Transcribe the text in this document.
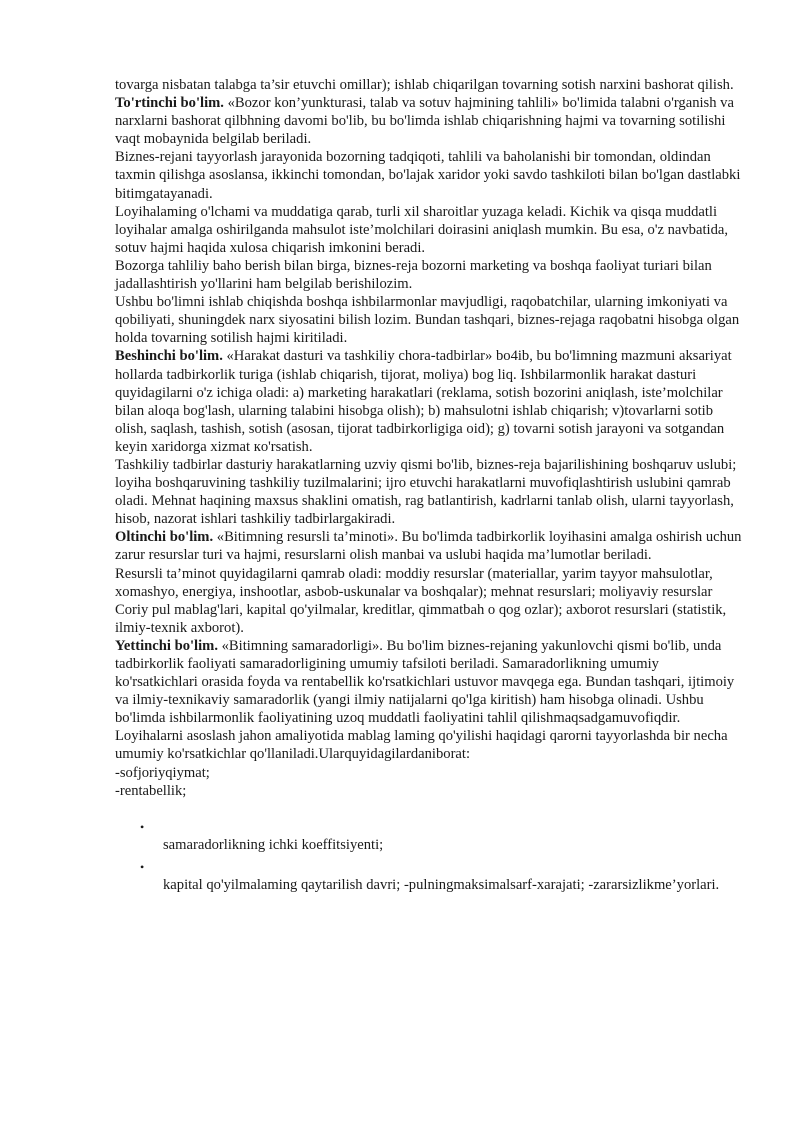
tovarga nisbatan talabga ta’sir etuvchi omillar); ishlab chiqarilgan tovarning sotish narxini bashorat qilish.

To'rtinchi bo'lim. «Bozor kon’yunkturasi, talab va sotuv hajmining tahlili» bo'limida talabni o'rganish va narxlarni bashorat qilbhning davomi bo'lib, bu bo'limda ishlab chiqarishning hajmi va tovarning sotilishi vaqt mobaynida belgilab beriladi.

Biznes-rejani tayyorlash jarayonida bozorning tadqiqoti, tahlili va baholanishi bir tomondan, oldindan taxmin qilishga asoslansa, ikkinchi tomondan, bo'lajak xaridor yoki savdo tashkiloti bilan bo'lgan dastlabki bitimgatayanadi.

Loyihalaming o'lchami va muddatiga qarab, turli xil sharoitlar yuzaga keladi. Kichik va qisqa muddatli loyihalar amalga oshirilganda mahsulot iste’molchilari doirasini aniqlash mumkin. Bu esa, o'z navbatida, sotuv hajmi haqida xulosa chiqarish imkonini beradi.

Bozorga tahliliy baho berish bilan birga, biznes-reja bozorni marketing va boshqa faoliyat turiari bilan jadallashtirish yo'llarini ham belgilab berishilozim.

Ushbu bo'limni ishlab chiqishda boshqa ishbilarmonlar mavjudligi, raqobatchilar, ularning imkoniyati va qobiliyati, shuningdek narx siyosatini bilish lozim. Bundan tashqari, biznes-rejaga raqobatni hisobga olgan holda tovarning sotilish hajmi kiritiladi.

Beshinchi bo'lim. «Harakat dasturi va tashkiliy chora-tadbirlar» bo4ib, bu bo'limning mazmuni aksariyat hollarda tadbirkorlik turiga (ishlab chiqarish, tijorat, moliya) bog liq. Ishbilarmonlik harakat dasturi quyidagilarni o'z ichiga oladi: a) marketing harakatlari (reklama, sotish bozorini aniqlash, iste’molchilar bilan aloqa bog'lash, ularning talabini hisobga olish); b) mahsulotni ishlab chiqarish; v)tovarlarni sotib olish, saqlash, tashish, sotish (asosan, tijorat tadbirkorligiga oid); g) tovarni sotish jarayoni va sotgandan keyin xaridorga xizmat кo'rsatish.

Tashkiliy tadbirlar dasturiy harakatlarning uzviy qismi bo'lib, biznes-reja bajarilishining boshqaruv uslubi; loyiha boshqaruvining tashkiliy tuzilmalarini; ijro etuvchi harakatlarni muvofiqlashtirish uslubini qamrab oladi. Mehnat haqining maxsus shaklini omatish, rag batlantirish, kadrlarni tanlab olish, ularni tayyorlash, hisob, nazorat ishlari tashkiliy tadbirlargakiradi.

Oltinchi bo'lim. «Bitimning resursli ta’minoti». Bu bo'limda tadbirkorlik loyihasini amalga oshirish uchun zarur resurslar turi va hajmi, resurslarni olish manbai va uslubi haqida ma’lumotlar beriladi.

Resursli ta’minot quyidagilarni qamrab oladi: moddiy resurslar (materiallar, yarim tayyor mahsulotlar, xomashyo, energiya, inshootlar, asbob-uskunalar va boshqalar); mehnat resurslari; moliyaviy resurslar Coriy pul mablag'lari, kapital qo'yilmalar, kreditlar, qimmatbah o qog ozlar); axborot resurslari (statistik, ilmiy-texnik axborot).

Yettinchi bo'lim. «Bitimning samaradorligi». Bu bo'lim biznes-rejaning yakunlovchi qismi bo'lib, unda tadbirkorlik faoliyati samaradorligining umumiy tafsiloti beriladi. Samaradorlikning umumiy ko'rsatkichlari orasida foyda va rentabellik ko'rsatkichlari ustuvor mavqega ega. Bundan tashqari, ijtimoiy va ilmiy-texnikaviy samaradorlik (yangi ilmiy natijalarni qo'lga kiritish) ham hisobga olinadi. Ushbu bo'limda ishbilarmonlik faoliyatining uzoq muddatli faoliyatini tahlil qilishmaqsadgamuvofiqdir.

Loyihalarni asoslash jahon amaliyotida mablag laming qo'yilishi haqidagi qarorni tayyorlashda bir necha umumiy ko'rsatkichlar qo'llaniladi.Ularquyidagilardaniborat:

-sofjoriyqiymat;

-rentabellik;

•
samaradorlikning ichki koeffitsiyenti;
•
kapital qo'yilmalaming qaytarilish davri; -pulningmaksimalsarf-xarajati; -zararsizlikme’yorlari.
